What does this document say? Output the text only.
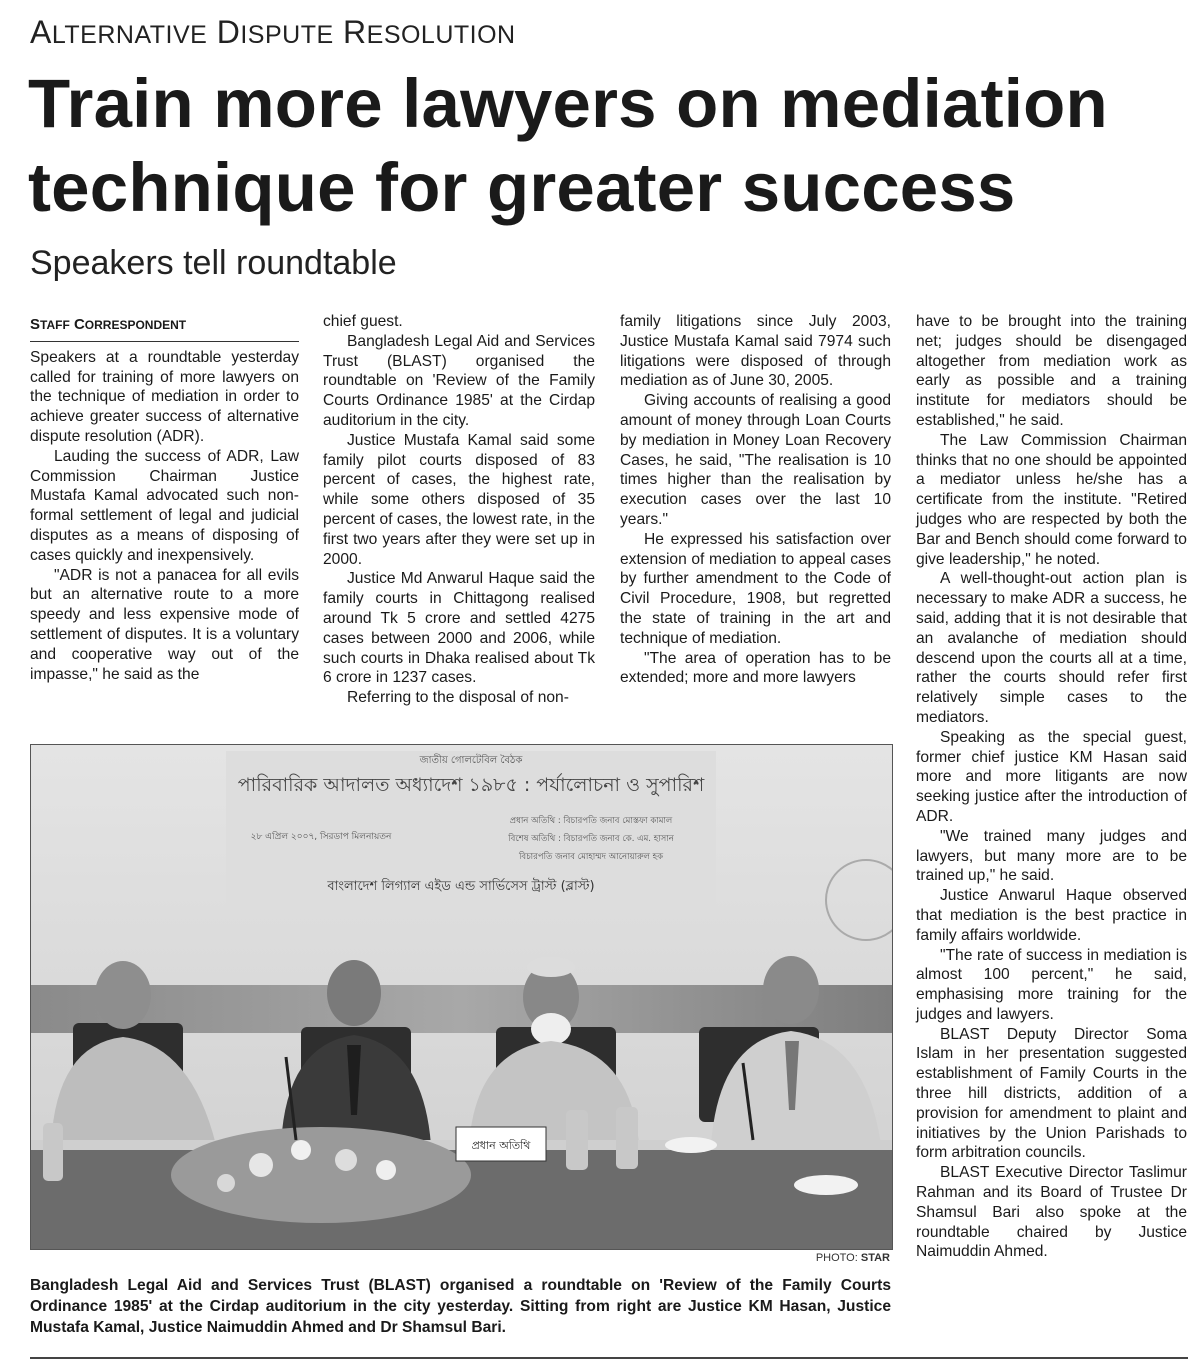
ALTERNATIVE DISPUTE RESOLUTION
Train more lawyers on mediation
technique for greater success
Speakers tell roundtable
STAFF CORRESPONDENT

Speakers at a roundtable yesterday called for training of more lawyers on the technique of mediation in order to achieve greater success of alternative dispute resolution (ADR).

Lauding the success of ADR, Law Commission Chairman Justice Mustafa Kamal advocated such non-formal settlement of legal and judicial disputes as a means of disposing of cases quickly and inexpensively.

"ADR is not a panacea for all evils but an alternative route to a more speedy and less expensive mode of settlement of disputes. It is a voluntary and cooperative way out of the impasse," he said as the

chief guest.

Bangladesh Legal Aid and Services Trust (BLAST) organised the roundtable on 'Review of the Family Courts Ordinance 1985' at the Cirdap auditorium in the city.

Justice Mustafa Kamal said some family pilot courts disposed of 83 percent of cases, the highest rate, while some others disposed of 35 percent of cases, the lowest rate, in the first two years after they were set up in 2000.

Justice Md Anwarul Haque said the family courts in Chittagong realised around Tk 5 crore and settled 4275 cases between 2000 and 2006, while such courts in Dhaka realised about Tk 6 crore in 1237 cases.

Referring to the disposal of non-

family litigations since July 2003, Justice Mustafa Kamal said 7974 such litigations were disposed of through mediation as of June 30, 2005.

Giving accounts of realising a good amount of money through Loan Courts by mediation in Money Loan Recovery Cases, he said, "The realisation is 10 times higher than the realisation by execution cases over the last 10 years."

He expressed his satisfaction over extension of mediation to appeal cases by further amendment to the Code of Civil Procedure, 1908, but regretted the state of training in the art and technique of mediation.

"The area of operation has to be extended; more and more lawyers

have to be brought into the training net; judges should be disengaged altogether from mediation work as early as possible and a training institute for mediators should be established," he said.

The Law Commission Chairman thinks that no one should be appointed a mediator unless he/she has a certificate from the institute. "Retired judges who are respected by both the Bar and Bench should come forward to give leadership," he noted.

A well-thought-out action plan is necessary to make ADR a success, he said, adding that it is not desirable that an avalanche of mediation should descend upon the courts all at a time, rather the courts should refer first relatively simple cases to the mediators.

Speaking as the special guest, former chief justice KM Hasan said more and more litigants are now seeking justice after the introduction of ADR.

"We trained many judges and lawyers, but many more are to be trained up," he said.

Justice Anwarul Haque observed that mediation is the best practice in family affairs worldwide.

"The rate of success in mediation is almost 100 percent," he said, emphasising more training for the judges and lawyers.

BLAST Deputy Director Soma Islam in her presentation suggested establishment of Family Courts in the three hill districts, addition of a provision for amendment to plaint and initiatives by the Union Parishads to form arbitration councils.

BLAST Executive Director Taslimur Rahman and its Board of Trustee Dr Shamsul Bari also spoke at the roundtable chaired by Justice Naimuddin Ahmed.

জাতীয় গোলটেবিল বৈঠক
পারিবারিক আদালত অধ্যাদেশ ১৯৮৫ : পর্যালোচনা ও সুপারিশ
প্রধান অতিথি : বিচারপতি জনাব মোস্তফা কামাল
বিশেষ অতিথি : বিচারপতি জনাব কে. এম. হাসান
বিচারপতি জনাব মোহাম্মদ আনোয়ারুল হক
২৮ এপ্রিল ২০০৭, সিরডাপ মিলনায়তন
বাংলাদেশ লিগ্যাল এইড এন্ড সার্ভিসেস ট্রাস্ট (ব্লাস্ট)
প্রধান অতিথি
PHOTO: STAR
Bangladesh Legal Aid and Services Trust (BLAST) organised a roundtable on 'Review of the Family Courts Ordinance 1985' at the Cirdap auditorium in the city yesterday. Sitting from right are Justice KM Hasan, Justice Mustafa Kamal, Justice Naimuddin Ahmed and Dr Shamsul Bari.
